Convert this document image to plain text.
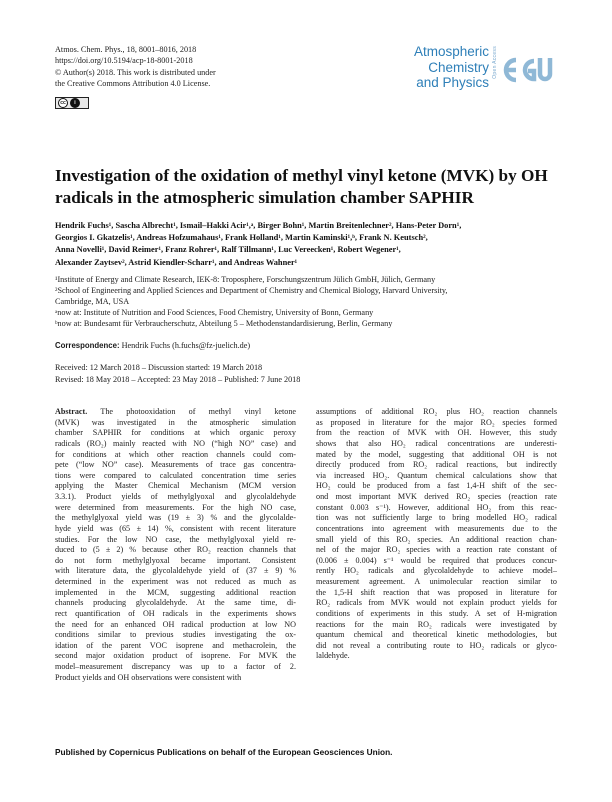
Atmos. Chem. Phys., 18, 8001–8016, 2018
https://doi.org/10.5194/acp-18-8001-2018
© Author(s) 2018. This work is distributed under
the Creative Commons Attribution 4.0 License.
cc	i
Atmospheric
Chemistry
and Physics
Open Access
Investigation of the oxidation of methyl vinyl ketone (MVK) by OH
radicals in the atmospheric simulation chamber SAPHIR
Hendrik Fuchs¹, Sascha Albrecht¹, Ismail–Hakki Acir¹,ᵃ, Birger Bohn¹, Martin Breitenlechner², Hans-Peter Dorn¹,
Georgios I. Gkatzelis¹, Andreas Hofzumahaus¹, Frank Holland¹, Martin Kaminski¹,ᵇ, Frank N. Keutsch²,
Anna Novelli¹, David Reimer¹, Franz Rohrer¹, Ralf Tillmann¹, Luc Vereecken¹, Robert Wegener¹,
Alexander Zaytsev², Astrid Kiendler-Scharr¹, and Andreas Wahner¹
¹Institute of Energy and Climate Research, IEK-8: Troposphere, Forschungszentrum Jülich GmbH, Jülich, Germany
²School of Engineering and Applied Sciences and Department of Chemistry and Chemical Biology, Harvard University,
Cambridge, MA, USA
ᵃnow at: Institute of Nutrition and Food Sciences, Food Chemistry, University of Bonn, Germany
ᵇnow at: Bundesamt für Verbraucherschutz, Abteilung 5 – Methodenstandardisierung, Berlin, Germany
Correspondence: Hendrik Fuchs (h.fuchs@fz-juelich.de)
Received: 12 March 2018 – Discussion started: 19 March 2018
Revised: 18 May 2018 – Accepted: 23 May 2018 – Published: 7 June 2018
Abstract. The photooxidation of methyl vinyl ketone
(MVK) was investigated in the atmospheric simulation
chamber SAPHIR for conditions at which organic peroxy
radicals (RO₂) mainly reacted with NO (“high NO” case) and
for conditions at which other reaction channels could com-
pete (“low NO” case). Measurements of trace gas concentra-
tions were compared to calculated concentration time series
applying the Master Chemical Mechanism (MCM version
3.3.1). Product yields of methylglyoxal and glycolaldehyde
were determined from measurements. For the high NO case,
the methylglyoxal yield was (19 ± 3) % and the glycolalde-
hyde yield was (65 ± 14) %, consistent with recent literature
studies. For the low NO case, the methylglyoxal yield re-
duced to (5 ± 2) % because other RO₂ reaction channels that
do not form methylglyoxal became important. Consistent
with literature data, the glycolaldehyde yield of (37 ± 9) %
determined in the experiment was not reduced as much as
implemented in the MCM, suggesting additional reaction
channels producing glycolaldehyde. At the same time, di-
rect quantification of OH radicals in the experiments shows
the need for an enhanced OH radical production at low NO
conditions similar to previous studies investigating the ox-
idation of the parent VOC isoprene and methacrolein, the
second major oxidation product of isoprene. For MVK the
model–measurement discrepancy was up to a factor of 2.
Product yields and OH observations were consistent with
assumptions of additional RO₂ plus HO₂ reaction channels
as proposed in literature for the major RO₂ species formed
from the reaction of MVK with OH. However, this study
shows that also HO₂ radical concentrations are underesti-
mated by the model, suggesting that additional OH is not
directly produced from RO₂ radical reactions, but indirectly
via increased HO₂. Quantum chemical calculations show that
HO₂ could be produced from a fast 1,4-H shift of the sec-
ond most important MVK derived RO₂ species (reaction rate
constant 0.003 s⁻¹). However, additional HO₂ from this reac-
tion was not sufficiently large to bring modelled HO₂ radical
concentrations into agreement with measurements due to the
small yield of this RO₂ species. An additional reaction chan-
nel of the major RO₂ species with a reaction rate constant of
(0.006 ± 0.004) s⁻¹ would be required that produces concur-
rently HO₂ radicals and glycolaldehyde to achieve model–
measurement agreement. A unimolecular reaction similar to
the 1,5-H shift reaction that was proposed in literature for
RO₂ radicals from MVK would not explain product yields for
conditions of experiments in this study. A set of H-migration
reactions for the main RO₂ radicals were investigated by
quantum chemical and theoretical kinetic methodologies, but
did not reveal a contributing route to HO₂ radicals or glyco-
laldehyde.
Published by Copernicus Publications on behalf of the European Geosciences Union.
